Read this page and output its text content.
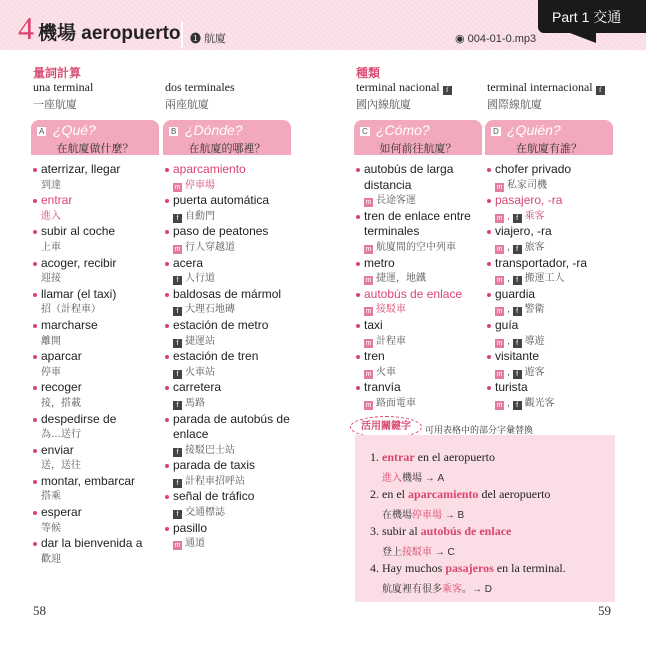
4 機場 aeropuerto ❶ 航廈	◉ 004-01-0.mp3
Part 1 交通
量詞計算
una terminal
一座航廈
dos terminales
兩座航廈
種類
terminal nacional f
國內線航廈
terminal internacional f
國際線航廈
A ¿Qué?
在航廈做什麼？
aterrizar, llegar
到達
entrar
進入
subir al coche
上車
acoger, recibir
迎接
llamar (el taxi)
招（計程車）
marcharse
離開
aparcar
停車
recoger
接，搭載
despedirse de
為…送行
enviar
送，送往
montar, embarcar
搭乘
esperar
等候
dar la bienvenida a
歡迎
B ¿Dónde?
在航廈的哪裡？
aparcamiento
m 停車場
puerta automática
f 自動門
paso de peatones
m 行人穿越道
acera
f 人行道
baldosas de mármol
f 大理石地磚
estación de metro
f 捷運站
estación de tren
f 火車站
carretera
f 馬路
parada de autobús de
enlace
f 接駁巴士站
parada de taxis
f 計程車招呼站
señal de tráfico
f 交通標誌
pasillo
m 通道
C ¿Cómo?
如何前往航廈？
autobús de larga
distancia
m 長途客運
tren de enlace entre
terminales
m 航廈間的空中列車
metro
m 捷運，地鐵
autobús de enlace
m 接駁車
taxi
m 計程車
tren
m 火車
tranvía
m 路面電車
D ¿Quién?
在航廈有誰？
chofer privado
m 私家司機
pasajero, -ra
m , f 乘客
viajero, -ra
m , f 旅客
transportador, -ra
m , f 搬運工人
guardia
m , f 警衛
guía
m , f 導遊
visitante
m , f 遊客
turista
m , f 觀光客
活用關鍵字	可用表格中的部分字彙替換
1. entrar en el aeropuerto
進入機場 → A
2. en el aparcamiento del aeropuerto
在機場停車場 → B
3. subir al autobús de enlace
登上接駁車 → C
4. Hay muchos pasajeros en la terminal.
航廈裡有很多乘客。→ D
58	59
